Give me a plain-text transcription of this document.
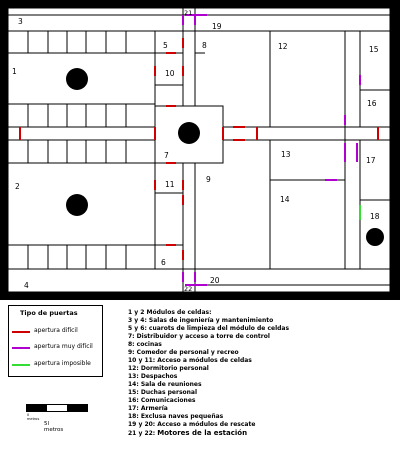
1
2
3
4
5
6
7
8
9
10
11
12
13
14
15
16
17
18
19
20
21
22
Tipo de puertas
apertura difícil
apertura muy difícil
apertura imposible
0 metros
5l metros
1 y 2 Módulos de celdas:
3 y 4: Salas de ingeniería y mantenimiento
5 y 6: cuarots de limpieza del módulo de celdas
7: Distribuidor y acceso a torre de control
8: cocinas
9: Comedor de personal y recreo
10 y 11: Acceso a módulos de celdas
12: Dormitorio personal
13: Despachos
14: Sala de reuniones
15: Duchas personal
16: Comunicaciones
17: Armería
18: Exclusa naves pequeñas
19 y 20: Acceso a módulos de rescate
21 y 22: Motores de la estación
